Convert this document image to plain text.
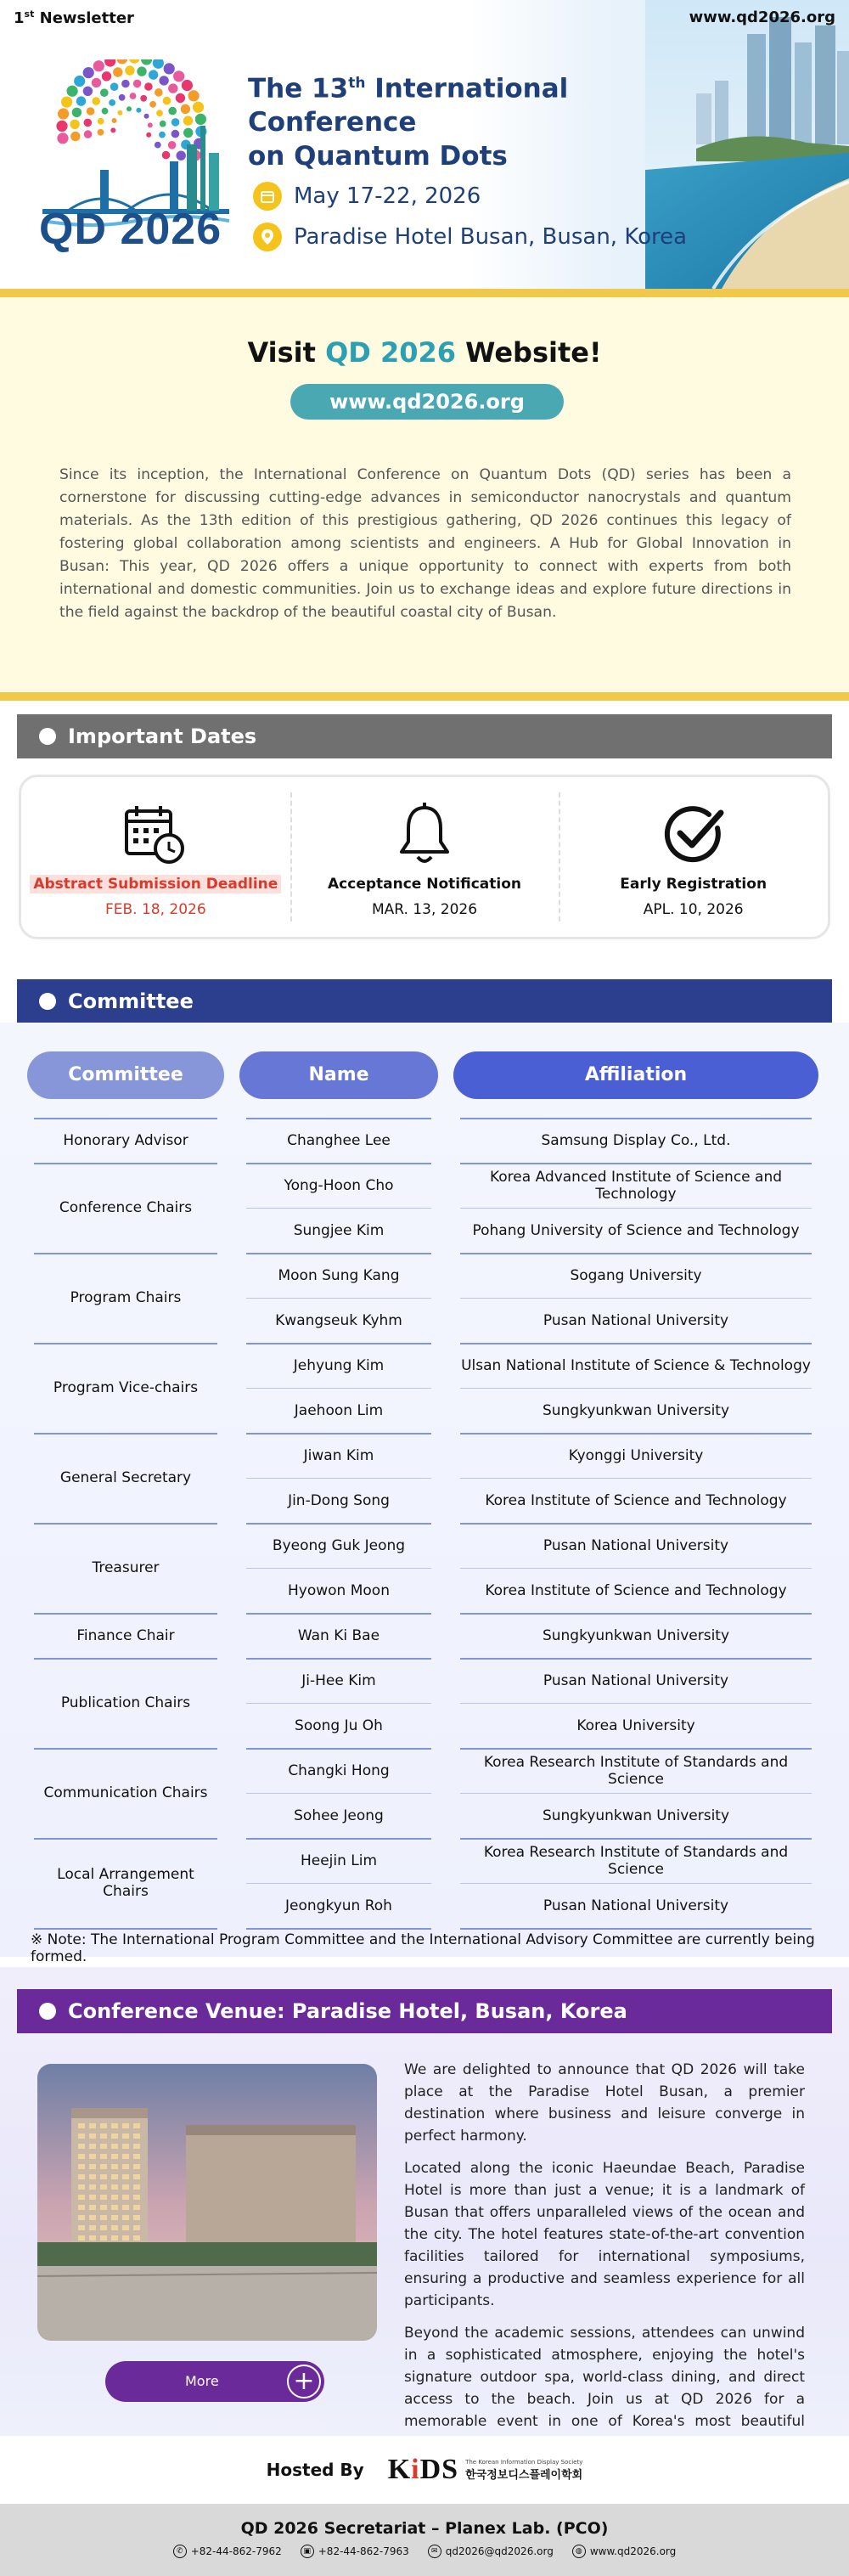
1st Newsletter	www.qd2026.org
QD 2026
The 13th International Conference
on Quantum Dots
May 17-22, 2026
Paradise Hotel Busan, Busan, Korea
Visit QD 2026 Website!
www.qd2026.org
Since its inception, the International Conference on Quantum Dots (QD) series has been a cornerstone for discussing cutting-edge advances in semiconductor nanocrystals and quantum materials. As the 13th edition of this prestigious gathering, QD 2026 continues this legacy of fostering global collaboration among scientists and engineers. A Hub for Global Innovation in Busan: This year, QD 2026 offers a unique opportunity to connect with experts from both international and domestic communities. Join us to exchange ideas and explore future directions in the field against the backdrop of the beautiful coastal city of Busan.
Important Dates
Abstract Submission Deadline
FEB. 18, 2026
Acceptance Notification
MAR. 13, 2026
Early Registration
APL. 10, 2026
Committee
Committee	Name	Affiliation
Honorary Advisor	Changhee Lee	Samsung Display Co., Ltd.
Conference Chairs
Yong-Hoon Cho	Korea Advanced Institute of Science and Technology
Sungjee Kim	Pohang University of Science and Technology
Program Chairs
Moon Sung Kang	Sogang University
Kwangseuk Kyhm	Pusan National University
Program Vice-chairs
Jehyung Kim	Ulsan National Institute of Science & Technology
Jaehoon Lim	Sungkyunkwan University
General Secretary
Jiwan Kim	Kyonggi University
Jin-Dong Song	Korea Institute of Science and Technology
Treasurer
Byeong Guk Jeong	Pusan National University
Hyowon Moon	Korea Institute of Science and Technology
Finance Chair	Wan Ki Bae	Sungkyunkwan University
Publication Chairs
Ji-Hee Kim	Pusan National University
Soong Ju Oh	Korea University
Communication Chairs
Changki Hong	Korea Research Institute of Standards and Science
Sohee Jeong	Sungkyunkwan University
Local Arrangement Chairs
Heejin Lim	Korea Research Institute of Standards and Science
Jeongkyun Roh	Pusan National University
※ Note: The International Program Committee and the International Advisory Committee are currently being formed.
Conference Venue: Paradise Hotel, Busan, Korea

We are delighted to announce that QD 2026 will take place at the Paradise Hotel Busan, a premier destination where business and leisure converge in perfect harmony.

Located along the iconic Haeundae Beach, Paradise Hotel is more than just a venue; it is a landmark of Busan that offers unparalleled views of the ocean and the city. The hotel features state-of-the-art convention facilities tailored for international symposiums, ensuring a productive and seamless experience for all participants.

Beyond the academic sessions, attendees can unwind in a sophisticated atmosphere, enjoying the hotel's signature outdoor spa, world-class dining, and direct access to the beach. Join us at QD 2026 for a memorable event in one of Korea's most beautiful

More	+
Hosted By KiDS The Korean Information Display Society
한국정보디스플레이학회
QD 2026 Secretariat – Planex Lab. (PCO)
✆ +82-44-862-7962	▣ +82-44-862-7963	✉ qd2026@qd2026.org	◍ www.qd2026.org
